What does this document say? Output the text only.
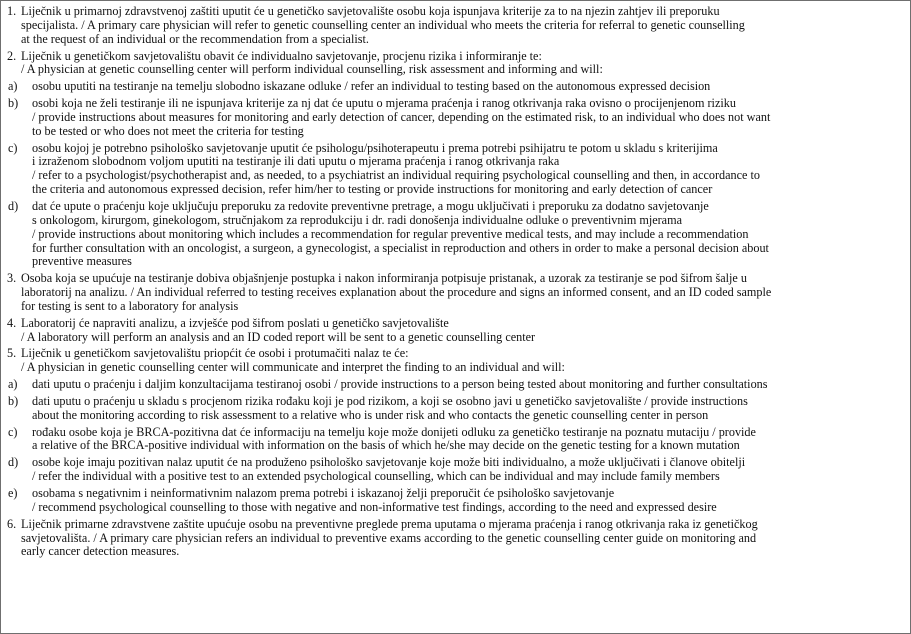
1. Liječnik u primarnoj zdravstvenoj zaštiti uputit će u genetičko savjetovalište osobu koja ispunjava kriterije za to na njezin zahtjev ili preporuku
specijalista. / A primary care physician will refer to genetic counselling center an individual who meets the criteria for referral to genetic counselling
at the request of an individual or the recommendation from a specialist.
2. Liječnik u genetičkom savjetovalištu obavit će individualno savjetovanje, procjenu rizika i informiranje te:
/ A physician at genetic counselling center will perform individual counselling, risk assessment and informing and will:
a)	osobu uputiti na testiranje na temelju slobodno iskazane odluke / refer an individual to testing based on the autonomous expressed decision
b)	osobi koja ne želi testiranje ili ne ispunjava kriterije za nj dat će uputu o mjerama praćenja i ranog otkrivanja raka ovisno o procijenjenom riziku
/ provide instructions about measures for monitoring and early detection of cancer, depending on the estimated risk, to an individual who does not want
to be tested or who does not meet the criteria for testing
c)	osobu kojoj je potrebno psihološko savjetovanje uputit će psihologu/psihoterapeutu i prema potrebi psihijatru te potom u skladu s kriterijima
i izraženom slobodnom voljom uputiti na testiranje ili dati uputu o mjerama praćenja i ranog otkrivanja raka
/ refer to a psychologist/psychotherapist and, as needed, to a psychiatrist an individual requiring psychological counselling and then, in accordance to
the criteria and autonomous expressed decision, refer him/her to testing or provide instructions for monitoring and early detection of cancer
d)	dat će upute o praćenju koje uključuju preporuku za redovite preventivne pretrage, a mogu uključivati i preporuku za dodatno savjetovanje
s onkologom, kirurgom, ginekologom, stručnjakom za reprodukciju i dr. radi donošenja individualne odluke o preventivnim mjerama
/ provide instructions about monitoring which includes a recommendation for regular preventive medical tests, and may include a recommendation
for further consultation with an oncologist, a surgeon, a gynecologist, a specialist in reproduction and others in order to make a personal decision about
preventive measures
3. Osoba koja se upućuje na testiranje dobiva objašnjenje postupka i nakon informiranja potpisuje pristanak, a uzorak za testiranje se pod šifrom šalje u
laboratorij na analizu. / An individual referred to testing receives explanation about the procedure and signs an informed consent, and an ID coded sample
for testing is sent to a laboratory for analysis
4. Laboratorij će napraviti analizu, a izvješće pod šifrom poslati u genetičko savjetovalište
/ A laboratory will perform an analysis and an ID coded report will be sent to a genetic counselling center
5. Liječnik u genetičkom savjetovalištu priopćit će osobi i protumačiti nalaz te će:
/ A physician in genetic counselling center will communicate and interpret the finding to an individual and will:
a)	dati uputu o praćenju i daljim konzultacijama testiranoj osobi / provide instructions to a person being tested about monitoring and further consultations
b)	dati uputu o praćenju u skladu s procjenom rizika rođaku koji je pod rizikom, a koji se osobno javi u genetičko savjetovalište / provide instructions
about the monitoring according to risk assessment to a relative who is under risk and who contacts the genetic counselling center in person
c)	rođaku osobe koja je BRCA-pozitivna dat će informaciju na temelju koje može donijeti odluku za genetičko testiranje na poznatu mutaciju / provide
a relative of the BRCA-positive individual with information on the basis of which he/she may decide on the genetic testing for a known mutation
d)	osobe koje imaju pozitivan nalaz uputit će na produženo psihološko savjetovanje koje može biti individualno, a može uključivati i članove obitelji
/ refer the individual with a positive test to an extended psychological counselling, which can be individual and may include family members
e)	osobama s negativnim i neinformativnim nalazom prema potrebi i iskazanoj želji preporučit će psihološko savjetovanje
/ recommend psychological counselling to those with negative and non-informative test findings, according to the need and expressed desire
6. Liječnik primarne zdravstvene zaštite upućuje osobu na preventivne preglede prema uputama o mjerama praćenja i ranog otkrivanja raka iz genetičkog
savjetovališta. / A primary care physician refers an individual to preventive exams according to the genetic counselling center guide on monitoring and
early cancer detection measures.
